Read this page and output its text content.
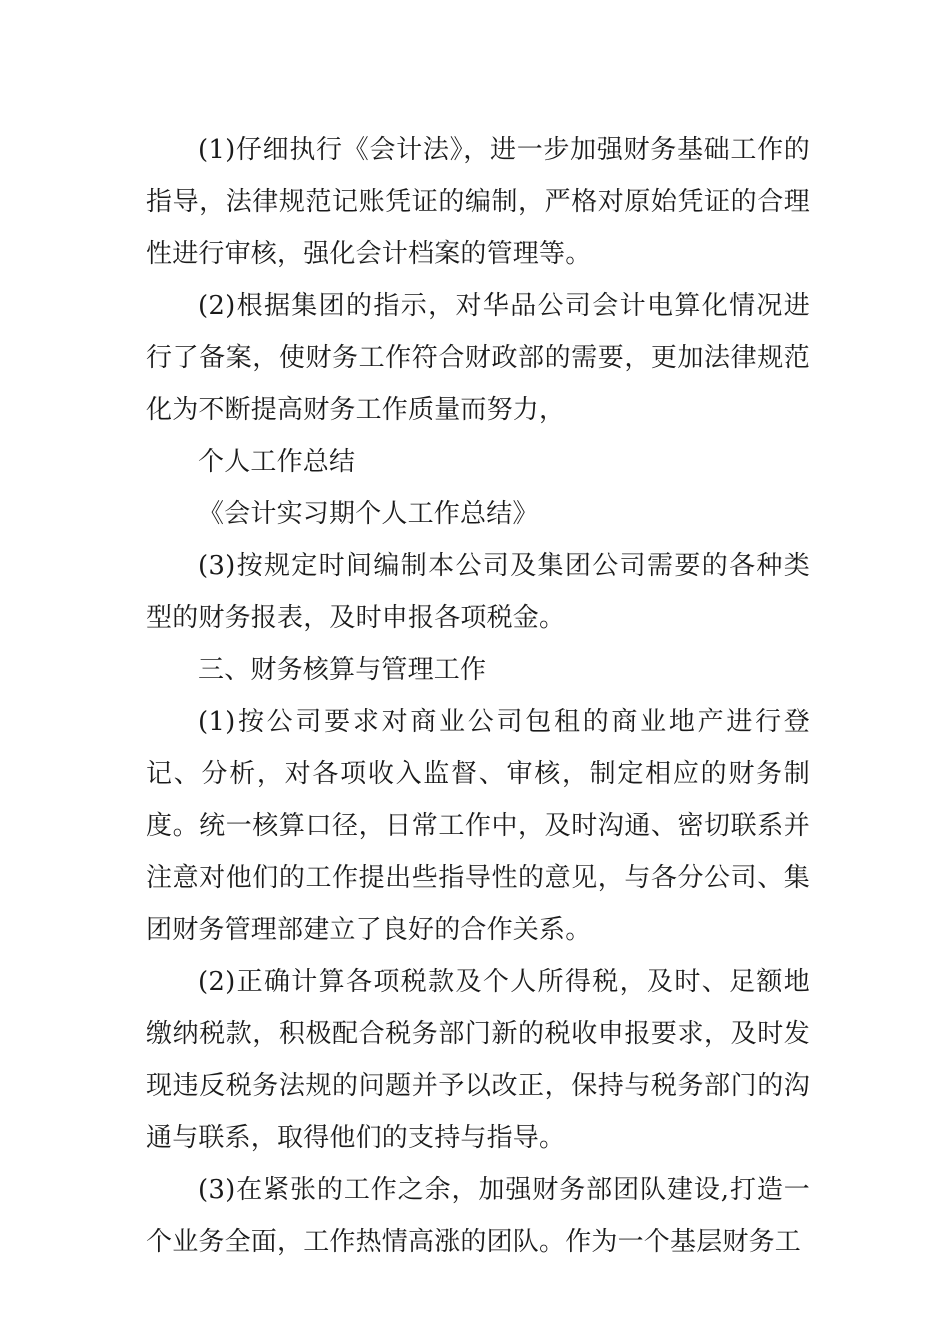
(1)仔细执行《会计法》，进一步加强财务基础工作的指导，法律规范记账凭证的编制，严格对原始凭证的合理性进行审核，强化会计档案的管理等。

(2)根据集团的指示，对华品公司会计电算化情况进行了备案，使财务工作符合财政部的需要，更加法律规范化为不断提高财务工作质量而努力，

个人工作总结

《会计实习期个人工作总结》

(3)按规定时间编制本公司及集团公司需要的各种类型的财务报表，及时申报各项税金。

三、财务核算与管理工作

(1)按公司要求对商业公司包租的商业地产进行登记、分析，对各项收入监督、审核，制定相应的财务制度。统一核算口径，日常工作中，及时沟通、密切联系并注意对他们的工作提出些指导性的意见，与各分公司、集团财务管理部建立了良好的合作关系。

(2)正确计算各项税款及个人所得税，及时、足额地缴纳税款，积极配合税务部门新的税收申报要求，及时发现违反税务法规的问题并予以改正，保持与税务部门的沟通与联系，取得他们的支持与指导。

(3)在紧张的工作之余，加强财务部团队建设,打造一个业务全面，工作热情高涨的团队。作为一个基层财务工
